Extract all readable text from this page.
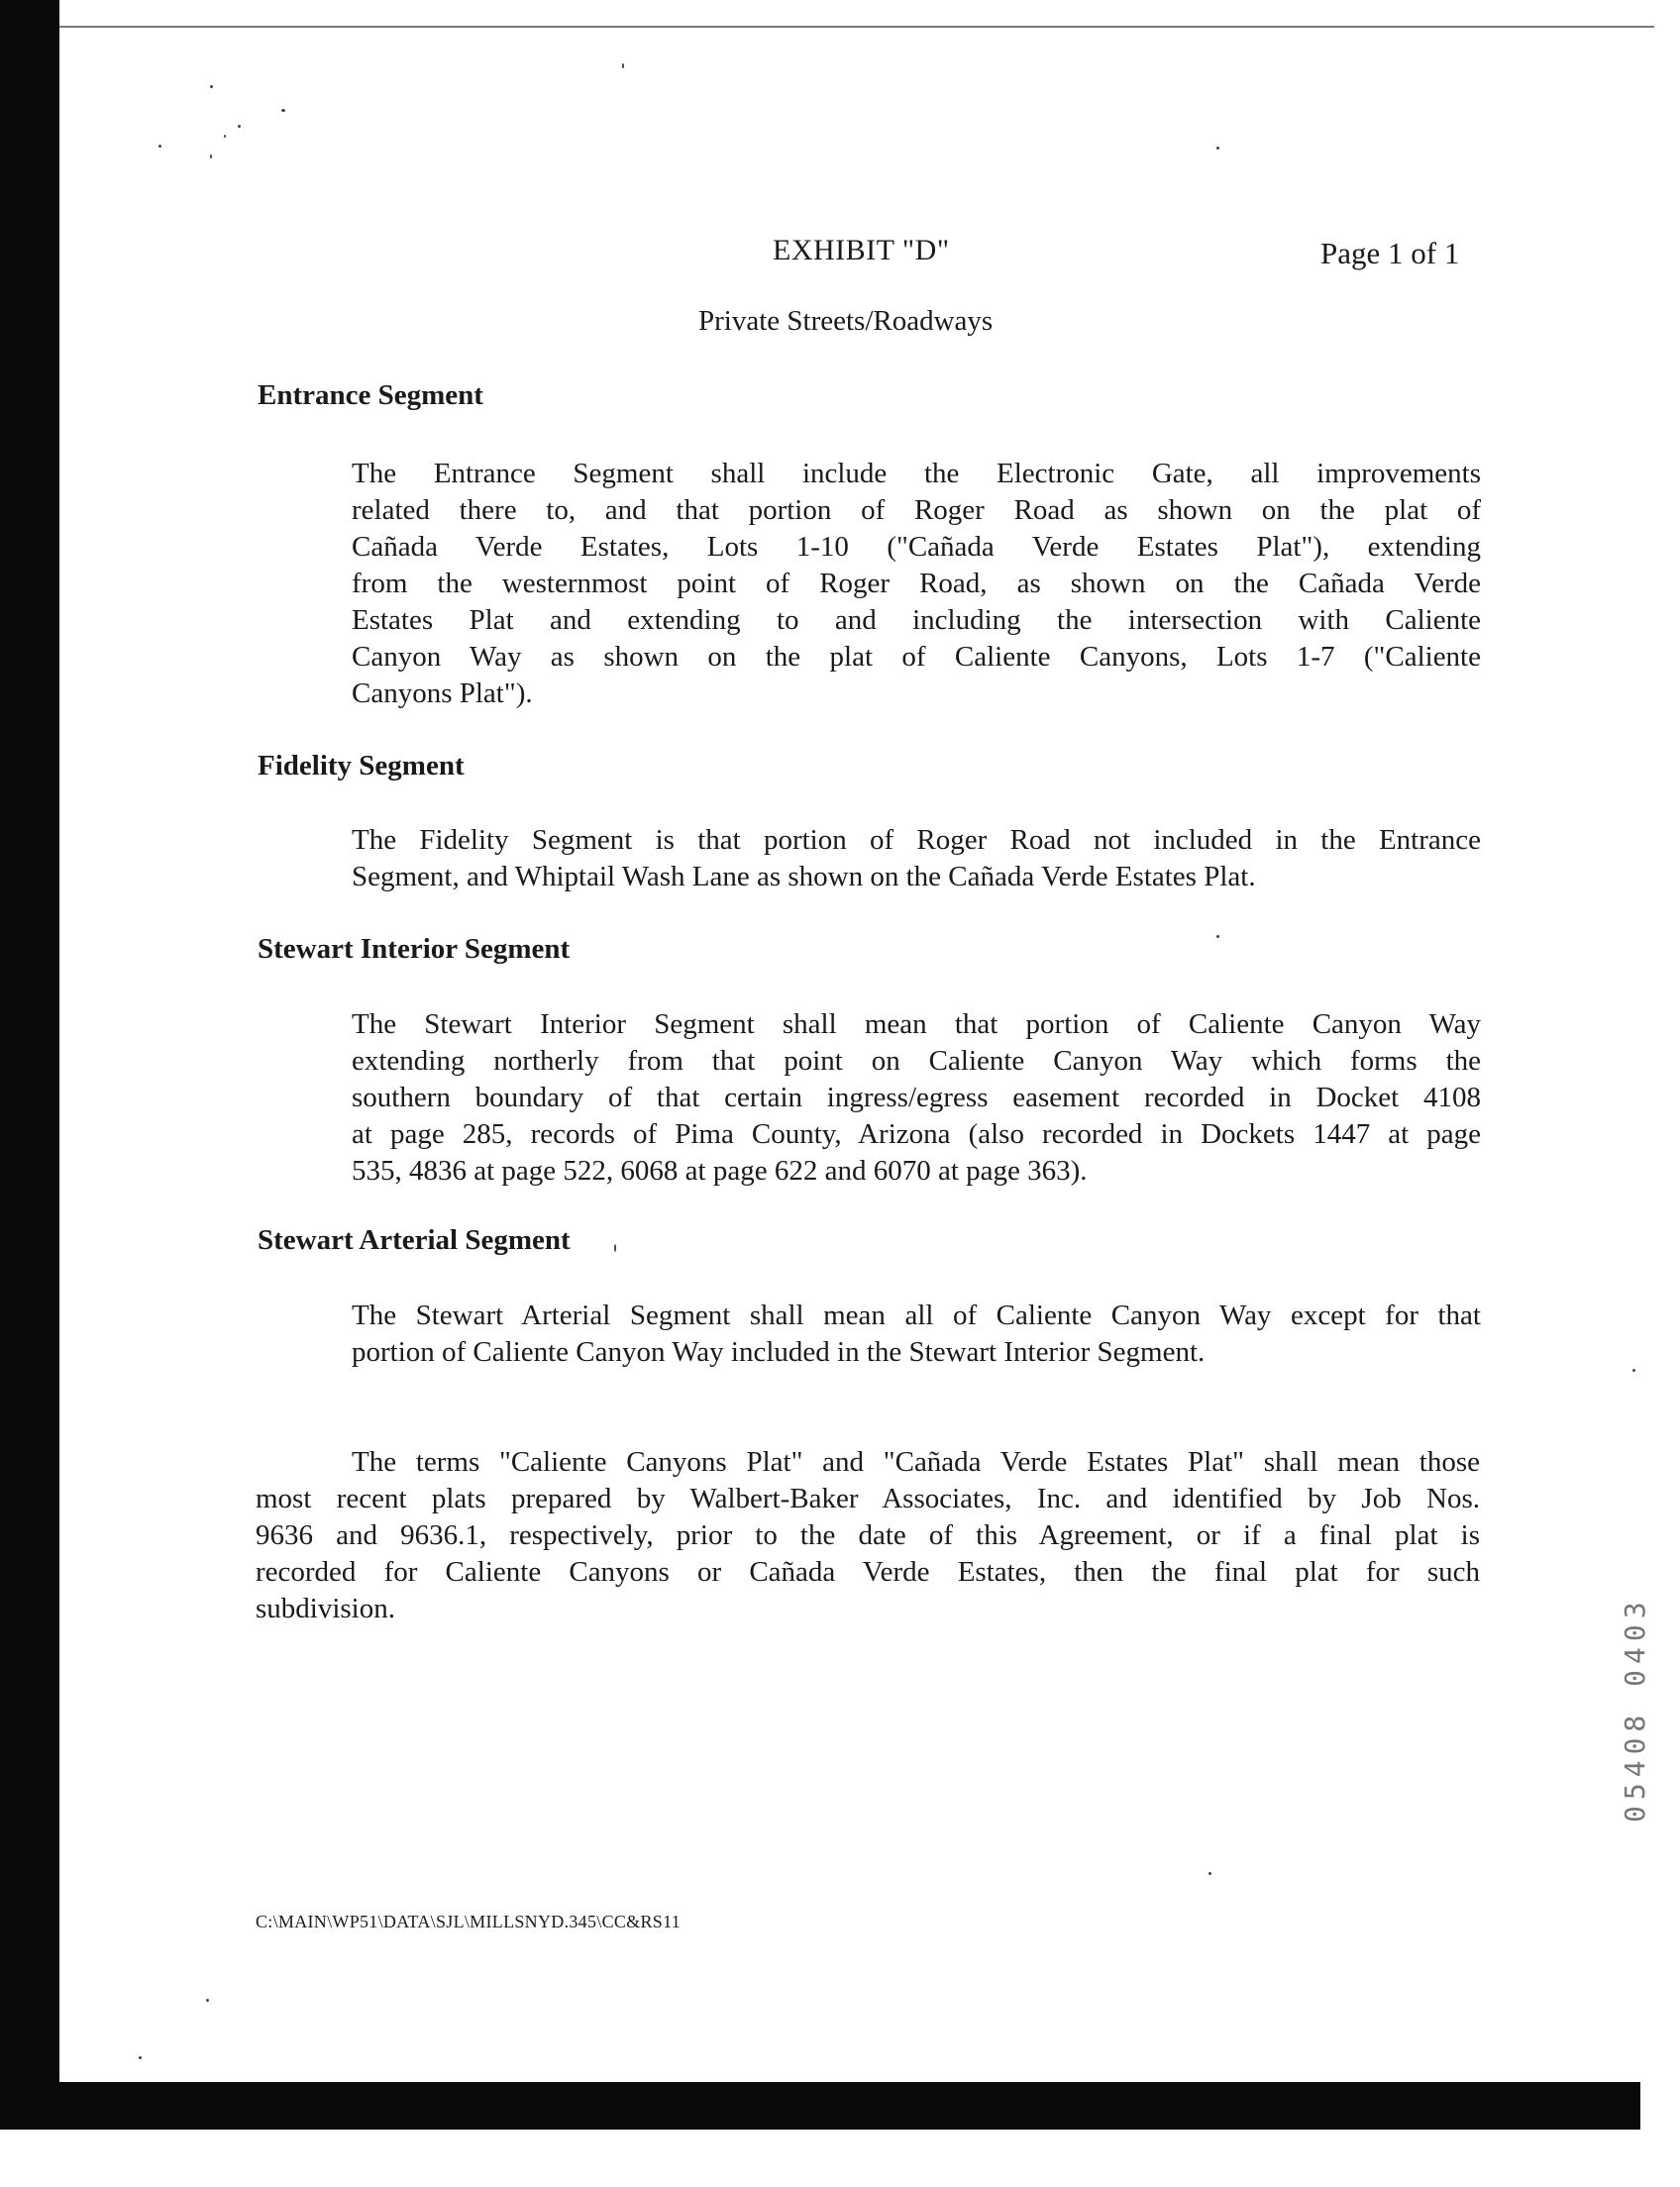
EXHIBIT "D"	Page 1 of 1
Private Streets/Roadways
Entrance Segment
The Entrance Segment shall include the Electronic Gate, all improvements
related there to, and that portion of Roger Road as shown on the plat of
Cañada Verde Estates, Lots 1-10 ("Cañada Verde Estates Plat"), extending
from the westernmost point of Roger Road, as shown on the Cañada Verde
Estates Plat and extending to and including the intersection with Caliente
Canyon Way as shown on the plat of Caliente Canyons, Lots 1-7 ("Caliente
Canyons Plat").
Fidelity Segment
The Fidelity Segment is that portion of Roger Road not included in the Entrance
Segment, and Whiptail Wash Lane as shown on the Cañada Verde Estates Plat.
Stewart Interior Segment
The Stewart Interior Segment shall mean that portion of Caliente Canyon Way
extending northerly from that point on Caliente Canyon Way which forms the
southern boundary of that certain ingress/egress easement recorded in Docket 4108
at page 285, records of Pima County, Arizona (also recorded in Dockets 1447 at page
535, 4836 at page 522, 6068 at page 622 and 6070 at page 363).
Stewart Arterial Segment
The Stewart Arterial Segment shall mean all of Caliente Canyon Way except for that
portion of Caliente Canyon Way included in the Stewart Interior Segment.
The terms "Caliente Canyons Plat" and "Cañada Verde Estates Plat" shall mean those
most recent plats prepared by Walbert-Baker Associates, Inc. and identified by Job Nos.
9636 and 9636.1, respectively, prior to the date of this Agreement, or if a final plat is
recorded for Caliente Canyons or Cañada Verde Estates, then the final plat for such
subdivision.
C:\MAIN\WP51\DATA\SJL\MILLSNYD.345\CC&RS11
05408 0403
